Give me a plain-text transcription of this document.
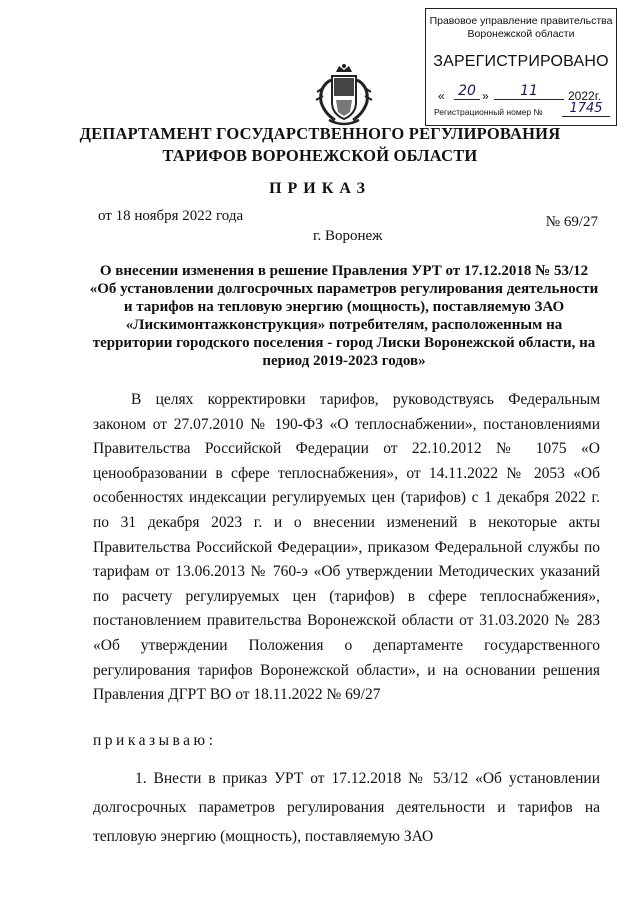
Правовое управление правительства
Воронежской области
ЗАРЕГИСТРИРОВАНО
« 20 »	11	2022г.
Регистрационный номер №	1745
ДЕПАРТАМЕНТ ГОСУДАРСТВЕННОГО РЕГУЛИРОВАНИЯ
ТАРИФОВ ВОРОНЕЖСКОЙ ОБЛАСТИ
ПРИКАЗ
от 18 ноября 2022 года	№ 69/27
г. Воронеж
О внесении изменения в решение Правления УРТ от 17.12.2018 № 53/12 «Об установлении долгосрочных параметров регулирования деятельности и тарифов на тепловую энергию (мощность), поставляемую ЗАО «Лискимонтажконструкция» потребителям, расположенным на территории городского поселения - город Лиски Воронежской области, на период 2019-2023 годов»
В целях корректировки тарифов, руководствуясь Федеральным законом от 27.07.2010 № 190-ФЗ «О теплоснабжении», постановлениями Правительства Российской Федерации от 22.10.2012 № 1075 «О ценообразовании в сфере теплоснабжения», от 14.11.2022 № 2053 «Об особенностях индексации регулируемых цен (тарифов) с 1 декабря 2022 г. по 31 декабря 2023 г. и о внесении изменений в некоторые акты Правительства Российской Федерации», приказом Федеральной службы по тарифам от 13.06.2013 № 760-э «Об утверждении Методических указаний по расчету регулируемых цен (тарифов) в сфере теплоснабжения», постановлением правительства Воронежской области от 31.03.2020 № 283 «Об утверждении Положения о департаменте государственного регулирования тарифов Воронежской области», и на основании решения Правления ДГРТ ВО от 18.11.2022 № 69/27
приказываю:
1. Внести в приказ УРТ от 17.12.2018 № 53/12 «Об установлении долгосрочных параметров регулирования деятельности и тарифов на тепловую энергию (мощность), поставляемую ЗАО
